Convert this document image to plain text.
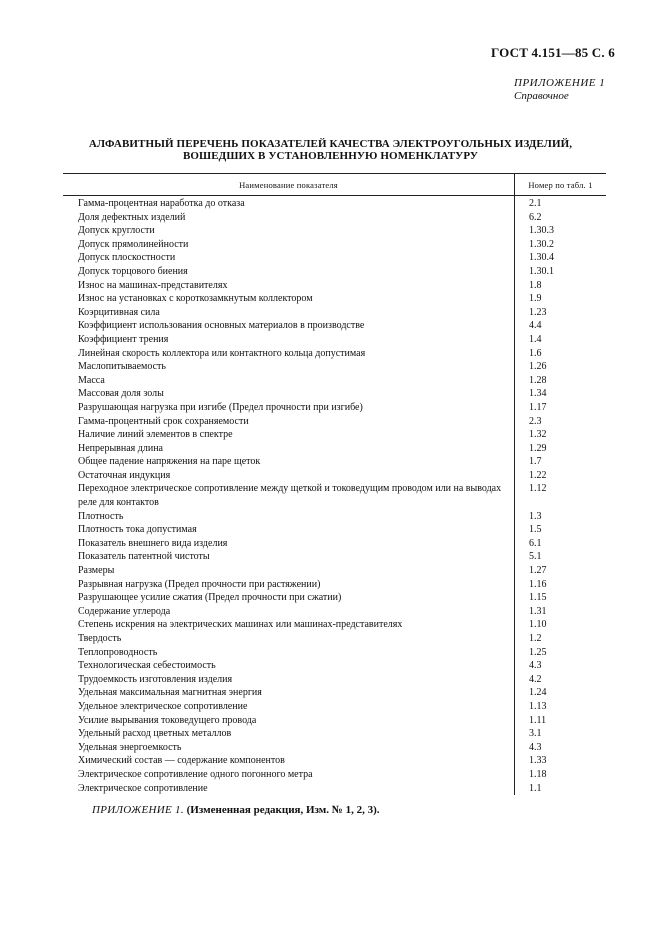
ГОСТ 4.151—85 С. 6
ПРИЛОЖЕНИЕ 1
Справочное
АЛФАВИТНЫЙ ПЕРЕЧЕНЬ ПОКАЗАТЕЛЕЙ КАЧЕСТВА ЭЛЕКТРОУГОЛЬНЫХ ИЗДЕЛИЙ,
ВОШЕДШИХ В УСТАНОВЛЕННУЮ НОМЕНКЛАТУРУ
Наименование показателя	Номер по табл. 1
Гамма-процентная наработка до отказа	2.1
Доля дефектных изделий	6.2
Допуск круглости	1.30.3
Допуск прямолинейности	1.30.2
Допуск плоскостности	1.30.4
Допуск торцового биения	1.30.1
Износ на машинах-представителях	1.8
Износ на установках с короткозамкнутым коллектором	1.9
Коэрцитивная сила	1.23
Коэффициент использования основных материалов в производстве	4.4
Коэффициент трения	1.4
Линейная скорость коллектора или контактного кольца допустимая	1.6
Маслопитываемость	1.26
Масса	1.28
Массовая доля золы	1.34
Разрушающая нагрузка при изгибе (Предел прочности при изгибе)	1.17
Гамма-процентный срок сохраняемости	2.3
Наличие линий элементов в спектре	1.32
Непрерывная длина	1.29
Общее падение напряжения на паре щеток	1.7
Остаточная индукция	1.22
Переходное электрическое сопротивление между щеткой и токоведущим проводом или на выводах реле для контактов	1.12
Плотность	1.3
Плотность тока допустимая	1.5
Показатель внешнего вида изделия	6.1
Показатель патентной чистоты	5.1
Размеры	1.27
Разрывная нагрузка (Предел прочности при растяжении)	1.16
Разрушающее усилие сжатия (Предел прочности при сжатии)	1.15
Содержание углерода	1.31
Степень искрения на электрических машинах или машинах-представителях	1.10
Твердость	1.2
Теплопроводность	1.25
Технологическая себестоимость	4.3
Трудоемкость изготовления изделия	4.2
Удельная максимальная магнитная энергия	1.24
Удельное электрическое сопротивление	1.13
Усилие вырывания токоведущего провода	1.11
Удельный расход цветных металлов	3.1
Удельная энергоемкость	4.3
Химический состав — содержание компонентов	1.33
Электрическое сопротивление одного погонного метра	1.18
Электрическое сопротивление	1.1
ПРИЛОЖЕНИЕ 1. (Измененная редакция, Изм. № 1, 2, 3).
